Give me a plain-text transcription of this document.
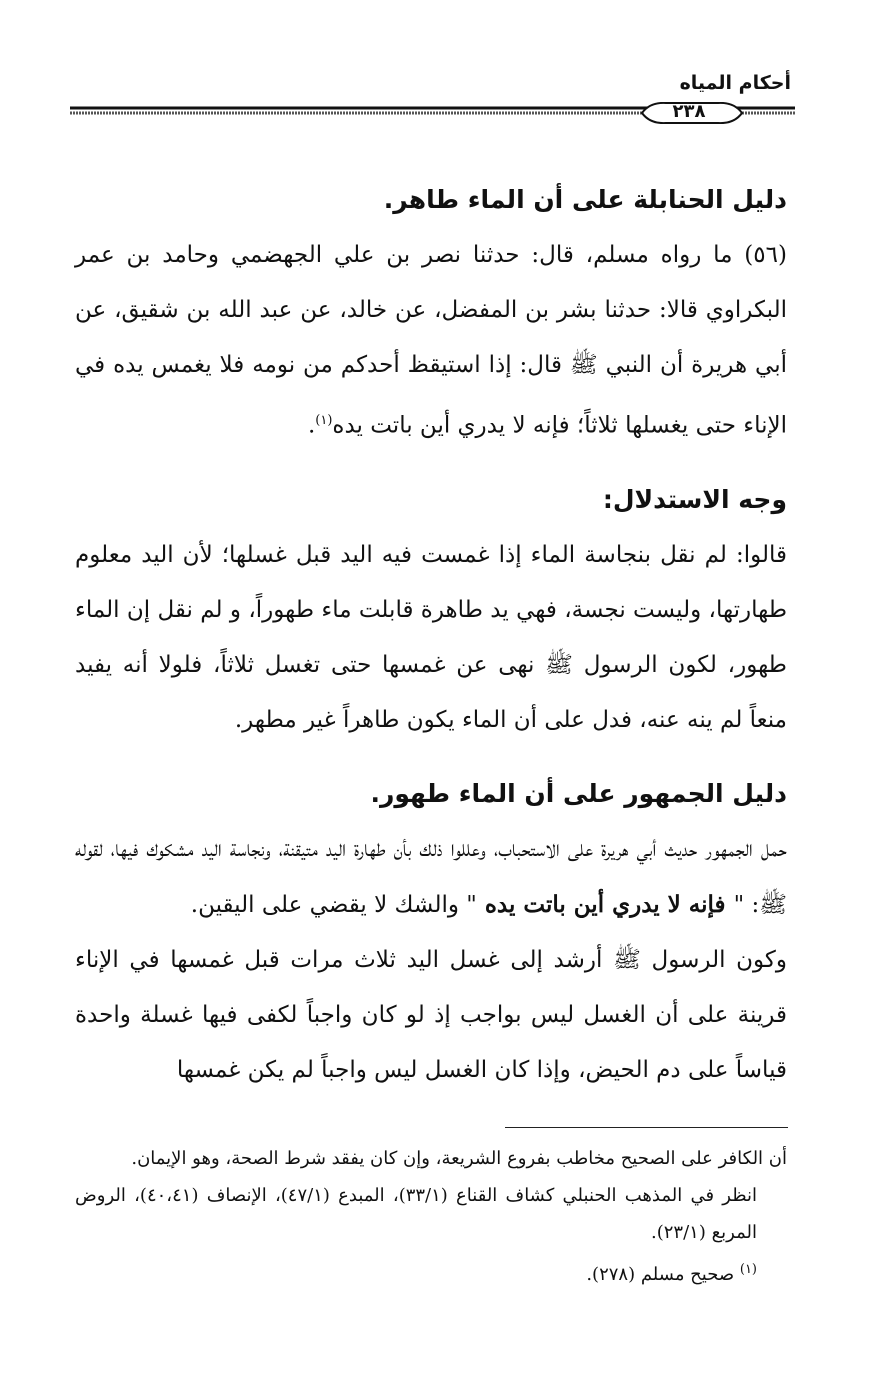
أحكام المياه
٢٣٨

دليل الحنابلة على أن الماء طاهر.

(٥٦) ما رواه مسلم، قال: حدثنا نصر بن علي الجهضمي وحامد بن عمر البكراوي قالا: حدثنا بشر بن المفضل، عن خالد، عن عبد الله بن شقيق، عن أبي هريرة أن النبي ﷺ قال: إذا استيقظ أحدكم من نومه فلا يغمس يده في الإناء حتى يغسلها ثلاثاً؛ فإنه لا يدري أين باتت يده$^{(١)}$.

وجه الاستدلال:

قالوا: لم نقل بنجاسة الماء إذا غمست فيه اليد قبل غسلها؛ لأن اليد معلوم طهارتها، وليست نجسة، فهي يد طاهرة قابلت ماء طهوراً، و لم نقل إن الماء طهور، لكون الرسول ﷺ نهى عن غمسها حتى تغسل ثلاثاً، فلولا أنه يفيد منعاً لم ينه عنه، فدل على أن الماء يكون طاهراً غير مطهر.

دليل الجمهور على أن الماء طهور.

حمل الجمهور حديث أبي هريرة على الاستحباب، وعللوا ذلك بأن طهارة اليد متيقنة، ونجاسة اليد مشكوك فيها، لقوله ﷺ: " فإنه لا يدري أين باتت يده " والشك لا يقضي على اليقين.

وكون الرسول ﷺ أرشد إلى غسل اليد ثلاث مرات قبل غمسها في الإناء قرينة على أن الغسل ليس بواجب إذ لو كان واجباً لكفى فيها غسلة واحدة قياساً على دم الحيض، وإذا كان الغسل ليس واجباً لم يكن غمسها

أن الكافر على الصحيح مخاطب بفروع الشريعة، وإن كان يفقد شرط الصحة، وهو الإيمان.

انظر في المذهب الحنبلي كشاف القناع (٣٣/١)، المبدع (٤٧/١)، الإنصاف (٤٠،٤١)، الروض المربع (٢٣/١).

$^{(١)}$ صحيح مسلم (٢٧٨).
